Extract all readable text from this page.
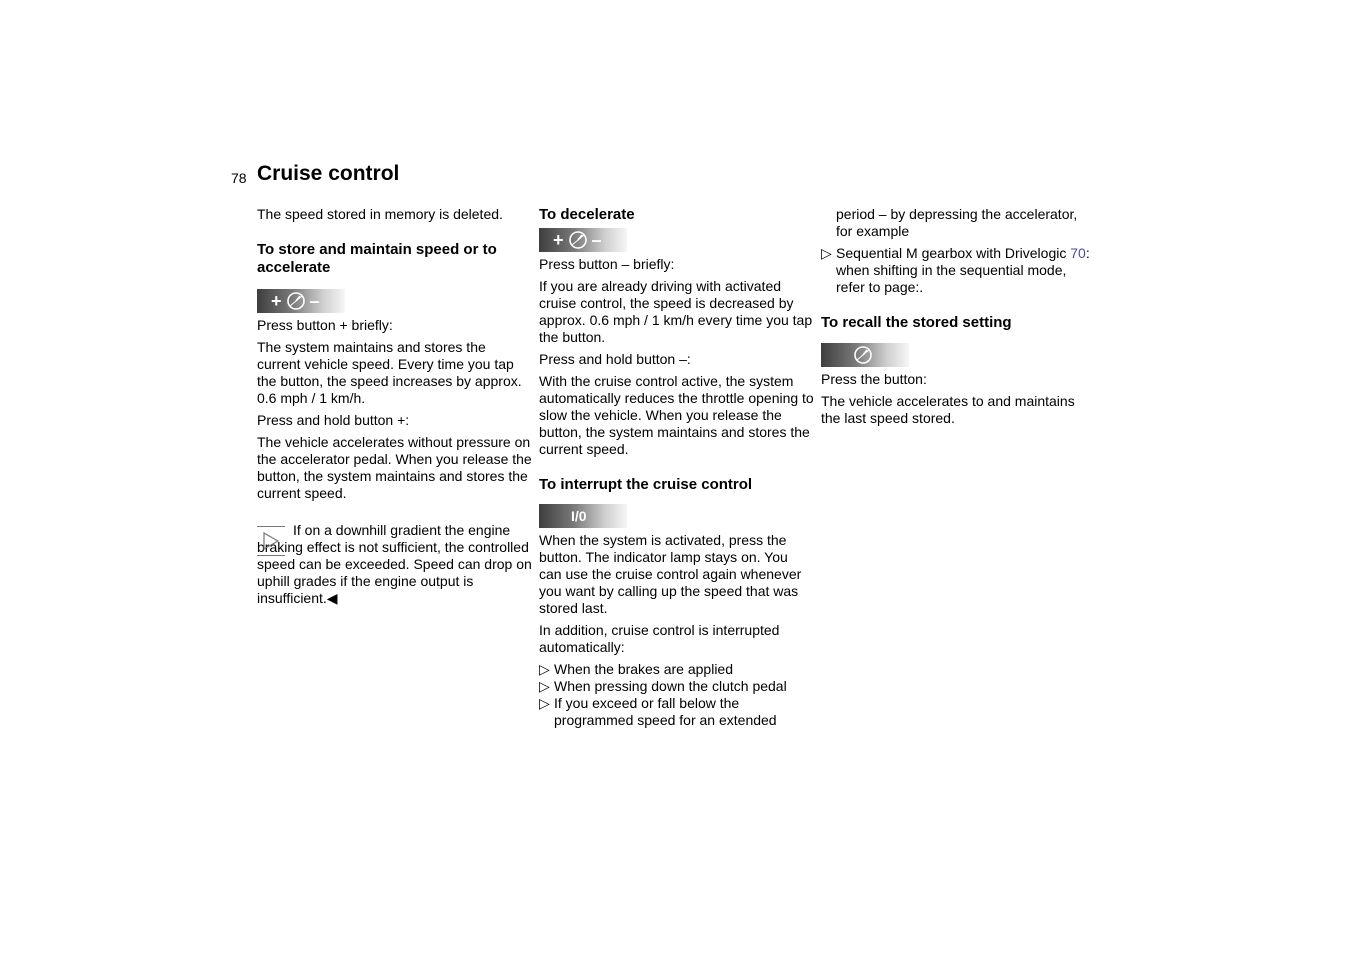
78 Cruise control

The speed stored in memory is deleted.

To store and maintain speed or to accelerate
+ –

Press button + briefly:

The system maintains and stores the current vehicle speed. Every time you tap the button, the speed increases by approx. 0.6 mph / 1 km/h.

Press and hold button +:

The vehicle accelerates without pressure on the accelerator pedal. When you release the button, the system maintains and stores the current speed.

If on a downhill gradient the engine braking effect is not sufficient, the controlled speed can be exceeded. Speed can drop on uphill grades if the engine output is insufficient.◀

To decelerate
+ –

Press button – briefly:

If you are already driving with activated cruise control, the speed is decreased by approx. 0.6 mph / 1 km/h every time you tap the button.

Press and hold button –:

With the cruise control active, the system automatically reduces the throttle opening to slow the vehicle. When you release the button, the system maintains and stores the current speed.

To interrupt the cruise control
I/0

When the system is activated, press the button. The indicator lamp stays on. You can use the cruise control again whenever you want by calling up the speed that was stored last.

In addition, cruise control is interrupted automatically:

▷ When the brakes are applied
▷ When pressing down the clutch pedal
▷ If you exceed or fall below the programmed speed for an extended

period – by depressing the accelerator, for example

▷ Sequential M gearbox with Drivelogic 70: when shifting in the sequential mode, refer to page:.
To recall the stored setting

Press the button:

The vehicle accelerates to and maintains the last speed stored.
